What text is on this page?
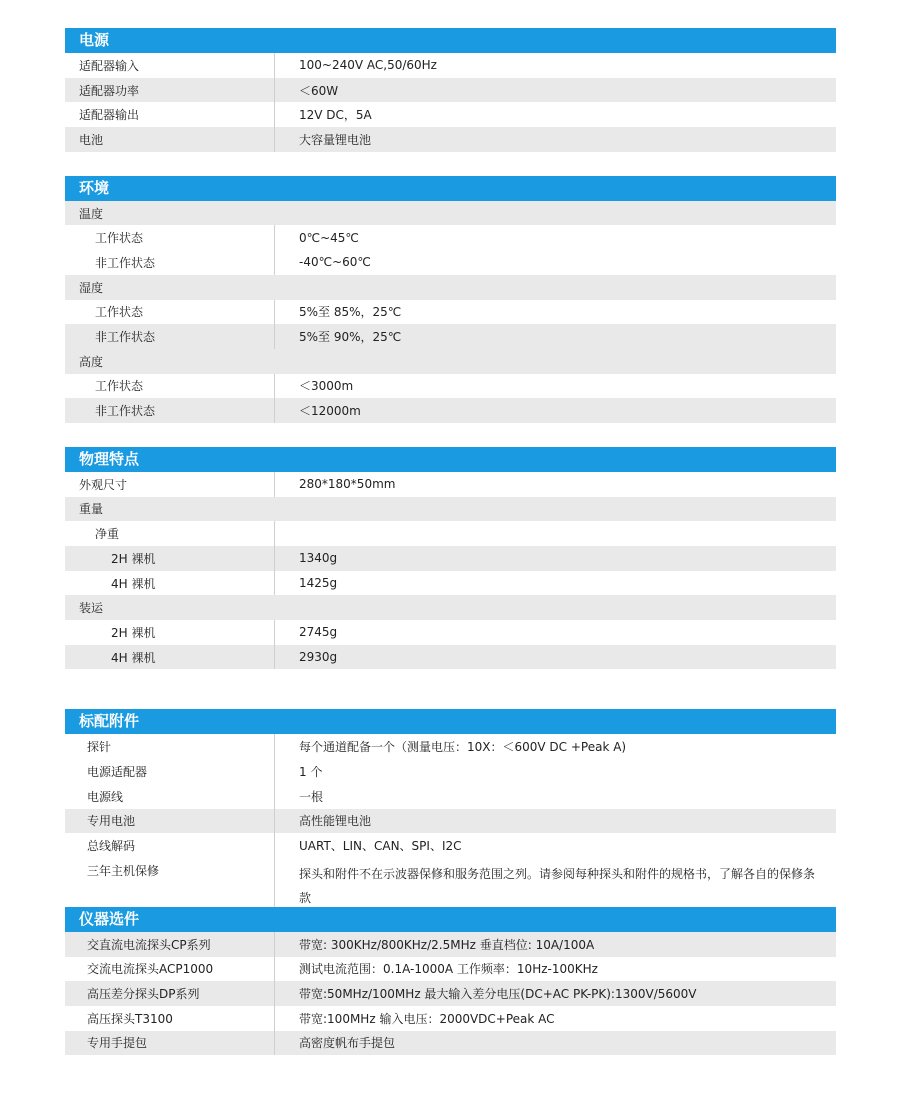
电源
适配器输入	100~240V AC,50/60Hz
适配器功率	＜60W
适配器输出	12V DC，5A
电池	大容量锂电池
环境
温度
工作状态	0℃~45℃
非工作状态	-40℃~60℃
湿度
工作状态	5%至 85%，25℃
非工作状态	5%至 90%，25℃
高度
工作状态	＜3000m
非工作状态	＜12000m
物理特点
外观尺寸	280*180*50mm
重量
净重
2H 裸机	1340g
4H 裸机	1425g
装运
2H 裸机	2745g
4H 裸机	2930g
标配附件
探针	每个通道配备一个（测量电压：10X：＜600V DC +Peak A)
电源适配器	1 个
电源线	一根
专用电池	高性能锂电池
总线解码	UART、LIN、CAN、SPI、I2C
三年主机保修	探头和附件不在示波器保修和服务范围之列。请参阅每种探头和附件的规格书，了解各自的保修条款
仪器选件
交直流电流探头CP系列	带宽: 300KHz/800KHz/2.5MHz 垂直档位: 10A/100A
交流电流探头ACP1000	测试电流范围：0.1A-1000A 工作频率：10Hz-100KHz
高压差分探头DP系列	带宽:50MHz/100MHz 最大输入差分电压(DC+AC PK-PK):1300V/5600V
高压探头T3100	带宽:100MHz 输入电压：2000VDC+Peak AC
专用手提包	高密度帆布手提包
